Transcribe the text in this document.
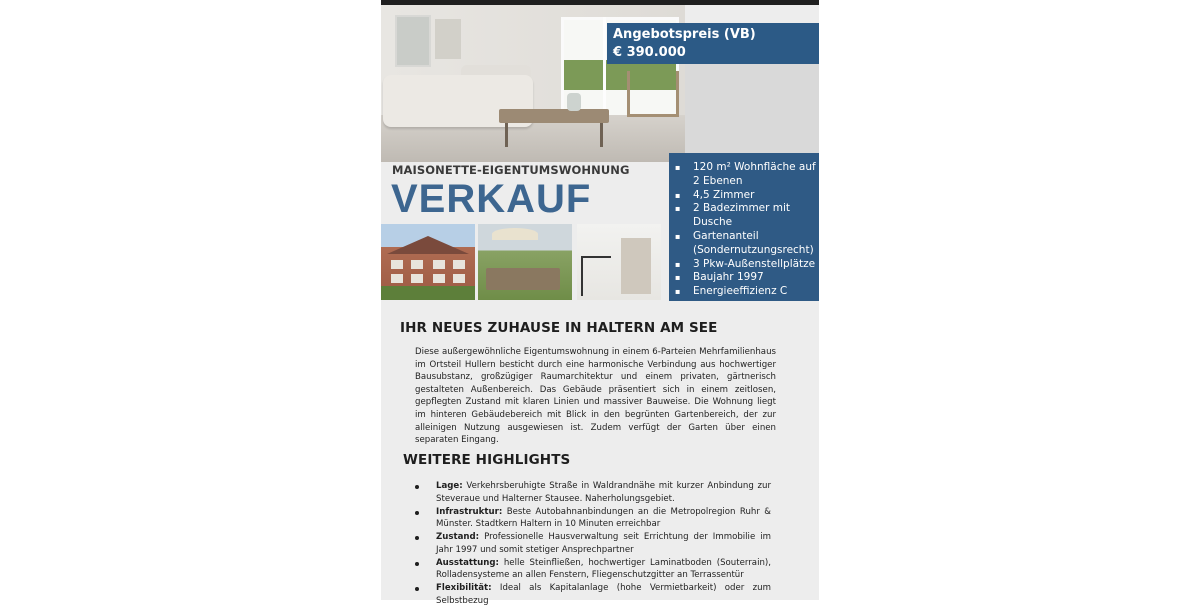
Angebotspreis (VB)
€ 390.000
MAISONETTE-EIGENTUMSWOHNUNG
VERKAUF
▪ 120 m² Wohnfläche auf 2 Ebenen
▪ 4,5 Zimmer
▪ 2 Badezimmer mit Dusche
▪ Gartenanteil (Sondernutzungsrecht)
▪ 3 Pkw-Außenstellplätze
▪ Baujahr 1997
▪ Energieeffizienz C
IHR NEUES ZUHAUSE IN HALTERN AM SEE
Diese außergewöhnliche Eigentumswohnung in einem 6-Parteien Mehrfamilienhaus im Ortsteil Hullern besticht durch eine harmonische Verbindung aus hochwertiger Bausubstanz, großzügiger Raumarchitektur und einem privaten, gärtnerisch gestalteten Außenbereich. Das Gebäude präsentiert sich in einem zeitlosen, gepflegten Zustand mit klaren Linien und massiver Bauweise. Die Wohnung liegt im hinteren Gebäudebereich mit Blick in den begrünten Gartenbereich, der zur alleinigen Nutzung ausgewiesen ist. Zudem verfügt der Garten über einen separaten Eingang.
WEITERE HIGHLIGHTS
Lage: Verkehrsberuhigte Straße in Waldrandnähe mit kurzer Anbindung zur Steveraue und Halterner Stausee. Naherholungsgebiet.
Infrastruktur: Beste Autobahnanbindungen an die Metropolregion Ruhr & Münster. Stadtkern Haltern in 10 Minuten erreichbar
Zustand: Professionelle Hausverwaltung seit Errichtung der Immobilie im Jahr 1997 und somit stetiger Ansprechpartner
Ausstattung: helle Steinfließen, hochwertiger Laminatboden (Souterrain), Rolladensysteme an allen Fenstern, Fliegenschutzgitter an Terrassentür
Flexibilität: Ideal als Kapitalanlage (hohe Vermietbarkeit) oder zum Selbstbezug
